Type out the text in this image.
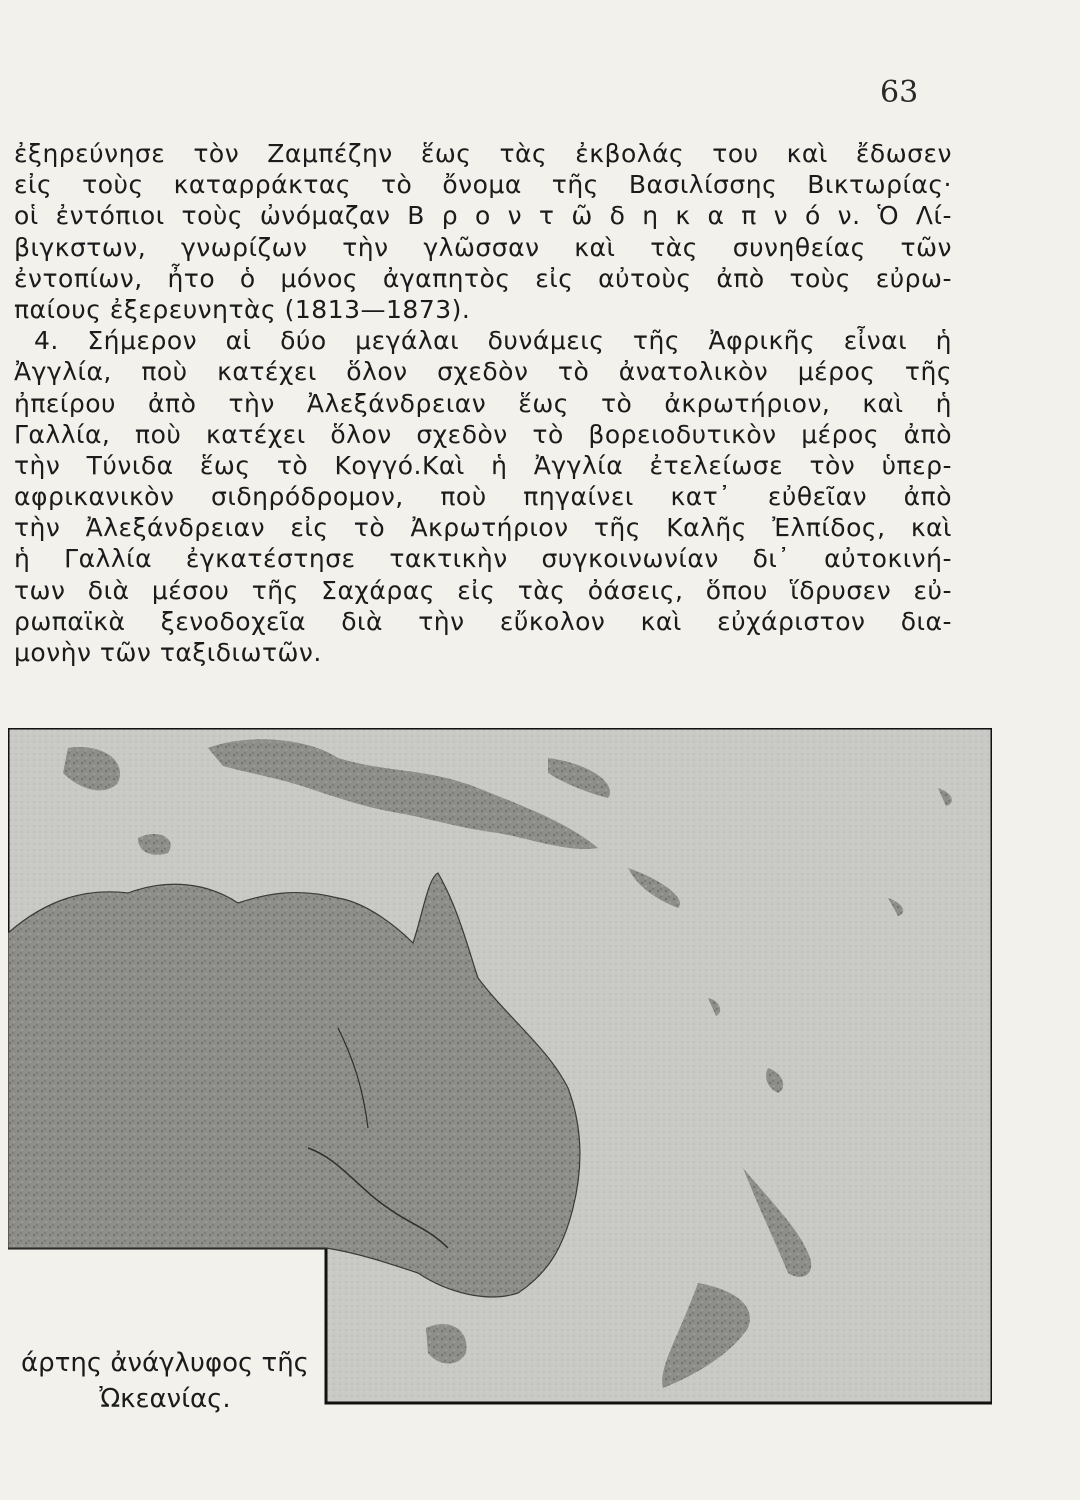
63
ἐξηρεύνησε τὸν Ζαμπέζην ἕως τὰς ἐκβολάς του καὶ ἔδωσεν
εἰς τοὺς καταρράκτας τὸ ὄνομα τῆς Βασιλίσσης Βικτωρίας·
οἱ ἐντόπιοι τοὺς ὠνόμαζαν Β ρ ο ν τ ῶ δ η κ α π ν ό ν. Ὁ Λί-
βιγκστων, γνωρίζων τὴν γλῶσσαν καὶ τὰς συνηθείας τῶν
ἐντοπίων, ἦτο ὁ μόνος ἀγαπητὸς εἰς αὐτοὺς ἀπὸ τοὺς εὐρω-
παίους ἐξερευνητὰς (1813—1873).
4. Σήμερον αἱ δύο μεγάλαι δυνάμεις τῆς Ἀφρικῆς εἶναι ἡ
Ἀγγλία, ποὺ κατέχει ὅλον σχεδὸν τὸ ἀνατολικὸν μέρος τῆς
ἠπείρου ἀπὸ τὴν Ἀλεξάνδρειαν ἕως τὸ ἀκρωτήριον, καὶ ἡ
Γαλλία, ποὺ κατέχει ὅλον σχεδὸν τὸ βορειοδυτικὸν μέρος ἀπὸ
τὴν Τύνιδα ἕως τὸ Κογγό.Καὶ ἡ Ἀγγλία ἐτελείωσε τὸν ὑπερ-
αφρικανικὸν σιδηρόδρομον, ποὺ πηγαίνει κατ᾽ εὐθεῖαν ἀπὸ
τὴν Ἀλεξάνδρειαν εἰς τὸ Ἀκρωτήριον τῆς Καλῆς Ἐλπίδος, καὶ
ἡ Γαλλία ἐγκατέστησε τακτικὴν συγκοινωνίαν δι᾽ αὐτοκινή-
των διὰ μέσου τῆς Σαχάρας εἰς τὰς ὀάσεις, ὅπου ἵδρυσεν εὐ-
ρωπαϊκὰ ξενοδοχεῖα διὰ τὴν εὔκολον καὶ εὐχάριστον δια-
μονὴν τῶν ταξιδιωτῶν.
άρτης ἀνάγλυφος τῆς
Ὠκεανίας.
